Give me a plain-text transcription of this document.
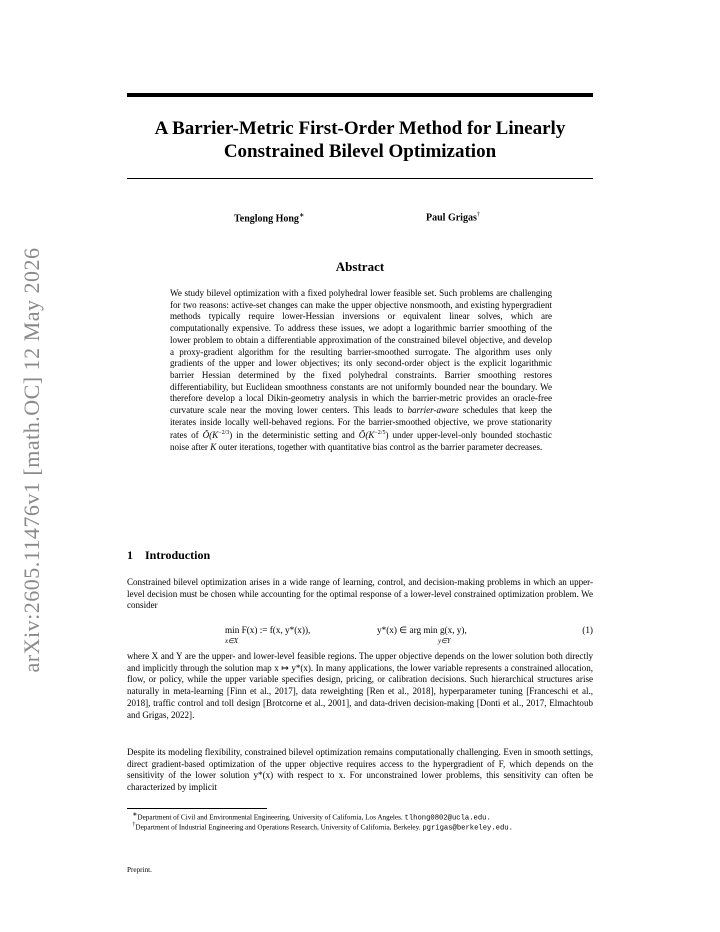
arXiv:2605.11476v1 [math.OC] 12 May 2026
A Barrier-Metric First-Order Method for Linearly
Constrained Bilevel Optimization
Tenglong Hong∗	Paul Grigas†
Abstract
We study bilevel optimization with a fixed polyhedral lower feasible set. Such problems are challenging for two reasons: active-set changes can make the upper objective nonsmooth, and existing hypergradient methods typically require lower-Hessian inversions or equivalent linear solves, which are computationally expensive. To address these issues, we adopt a logarithmic barrier smoothing of the lower problem to obtain a differentiable approximation of the constrained bilevel objective, and develop a proxy-gradient algorithm for the resulting barrier-smoothed surrogate. The algorithm uses only gradients of the upper and lower objectives; its only second-order object is the explicit logarithmic barrier Hessian determined by the fixed polyhedral constraints. Barrier smoothing restores differentiability, but Euclidean smoothness constants are not uniformly bounded near the boundary. We therefore develop a local Dikin-geometry analysis in which the barrier-metric provides an oracle-free curvature scale near the moving lower centers. This leads to barrier-aware schedules that keep the iterates inside locally well-behaved regions. For the barrier-smoothed objective, we prove stationarity rates of $Õ(K^{-2/3})$ in the deterministic setting and $Õ(K^{-2/5})$ under upper-level-only bounded stochastic noise after K outer iterations, together with quantitative bias control as the barrier parameter decreases.
1 Introduction
Constrained bilevel optimization arises in a wide range of learning, control, and decision-making problems in which an upper-level decision must be chosen while accounting for the optimal response of a lower-level constrained optimization problem. We consider
min F(x) := f(x, y*(x)),
x∈X
y*(x) ∈ arg min g(x, y),
y∈Y
(1)
where X and Y are the upper- and lower-level feasible regions. The upper objective depends on the lower solution both directly and implicitly through the solution map x ↦ y*(x). In many applications, the lower variable represents a constrained allocation, flow, or policy, while the upper variable specifies design, pricing, or calibration decisions. Such hierarchical structures arise naturally in meta-learning [Finn et al., 2017], data reweighting [Ren et al., 2018], hyperparameter tuning [Franceschi et al., 2018], traffic control and toll design [Brotcorne et al., 2001], and data-driven decision-making [Donti et al., 2017, Elmachtoub and Grigas, 2022].
Despite its modeling flexibility, constrained bilevel optimization remains computationally challenging. Even in smooth settings, direct gradient-based optimization of the upper objective requires access to the hypergradient of F, which depends on the sensitivity of the lower solution y*(x) with respect to x. For unconstrained lower problems, this sensitivity can often be characterized by implicit
∗Department of Civil and Environmental Engineering, University of California, Los Angeles. tlhong0802@ucla.edu.
†Department of Industrial Engineering and Operations Research, University of California, Berkeley. pgrigas@berkeley.edu.
Preprint.
